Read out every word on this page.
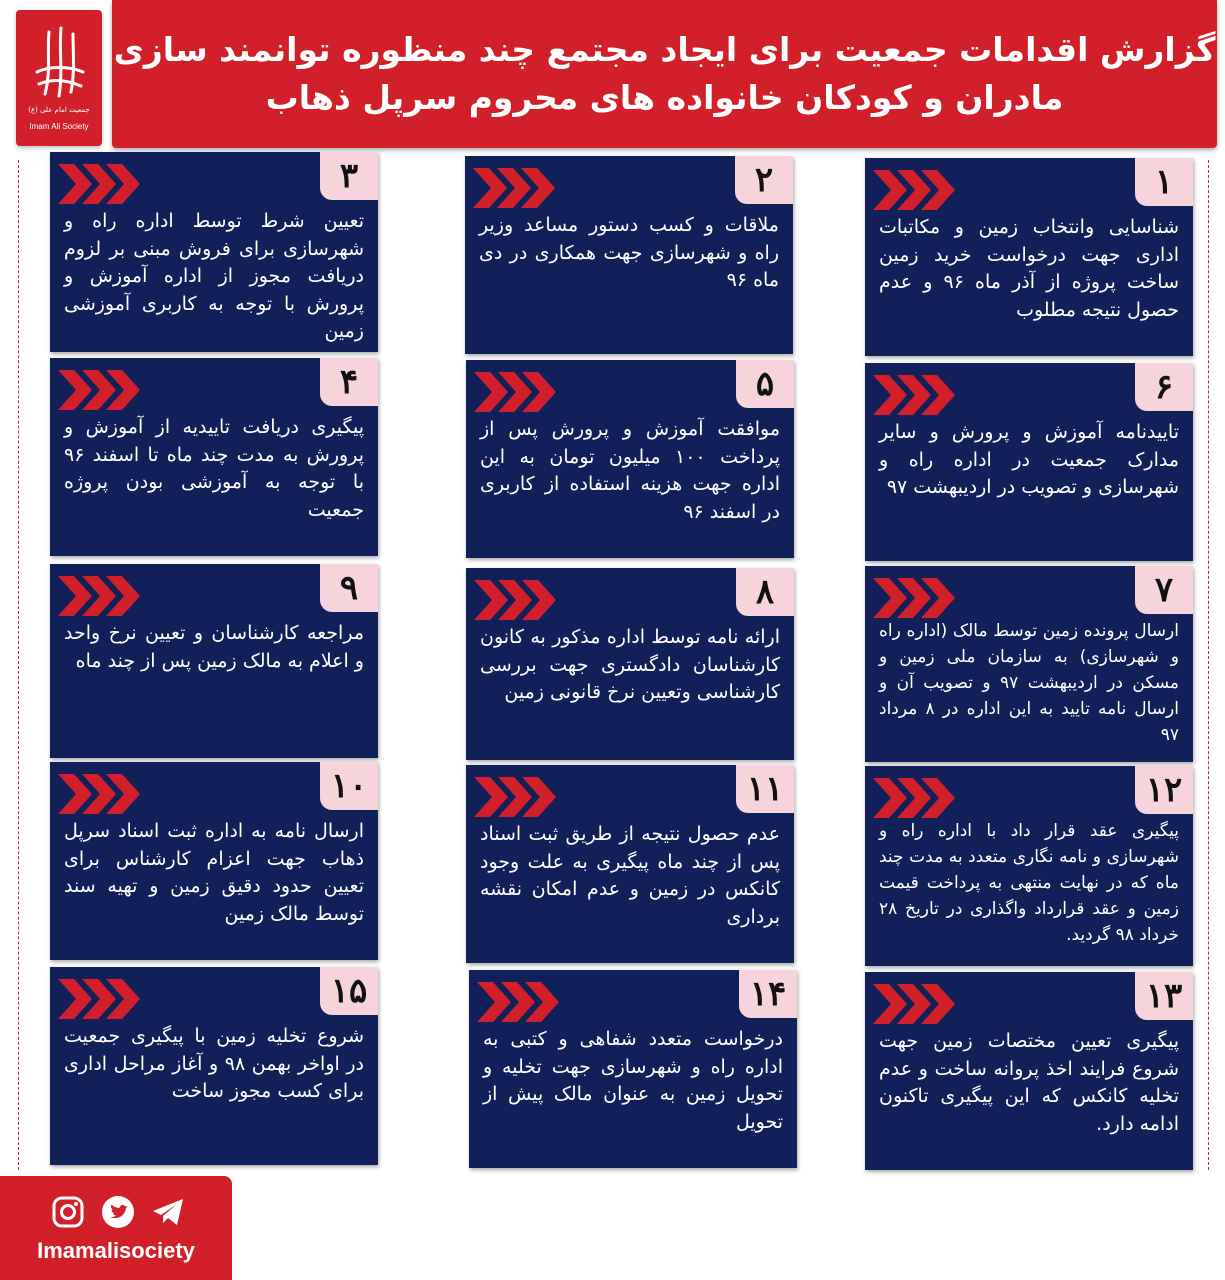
جمعیت امام علی (ع)
Imam Ali Society
گزارش اقدامات جمعیت برای ایجاد مجتمع چند منظوره توانمند سازی
مادران و کودکان خانواده های محروم سرپل ذهاب
۱
شناسایی وانتخاب زمین و مکاتبات اداری جهت درخواست خرید زمین ساخت پروژه از آذر ماه ۹۶ و عدم حصول نتیجه مطلوب
۲
ملاقات و کسب دستور مساعد وزیر راه و شهرسازی جهت همکاری در دی ماه ۹۶
۳
تعیین شرط توسط اداره راه و شهرسازی برای فروش مبنی بر لزوم دریافت مجوز از اداره آموزش و پرورش با توجه به کاربری آموزشی زمین
۴
پیگیری دریافت تاییدیه از آموزش و پرورش به مدت چند ماه تا اسفند ۹۶ با توجه به آموزشی بودن پروژه جمعیت
۵
موافقت آموزش و پرورش پس از پرداخت ۱۰۰ میلیون تومان به این اداره جهت هزینه استفاده از کاربری در اسفند ۹۶
۶
تاییدنامه آموزش و پرورش و سایر مدارک جمعیت در اداره راه و شهرسازی و تصویب در اردیبهشت ۹۷
۷
ارسال پرونده زمین توسط مالک (اداره راه و شهرسازی) به سازمان ملی زمین و مسکن در اردیبهشت ۹۷ و تصویب آن و ارسال نامه تایید به این اداره در ۸ مرداد ۹۷
۸
ارائه نامه توسط اداره مذکور به کانون کارشناسان دادگستری جهت بررسی کارشناسی وتعیین نرخ قانونی زمین
۹
مراجعه کارشناسان و تعیین نرخ واحد و اعلام به مالک زمین پس از چند ماه
۱۰
ارسال نامه به اداره ثبت اسناد سرپل ذهاب جهت اعزام کارشناس برای تعیین حدود دقیق زمین و تهیه سند توسط مالک زمین
۱۱
عدم حصول نتیجه از طریق ثبت اسناد پس از چند ماه پیگیری به علت وجود کانکس در زمین و عدم امکان نقشه برداری
۱۲
پیگیری عقد قرار داد با اداره راه و شهرسازی و نامه نگاری متعدد به مدت چند ماه که در نهایت منتهی به پرداخت قیمت زمین و عقد قرارداد واگذاری در تاریخ ۲۸ خرداد ۹۸ گردید.
۱۳
پیگیری تعیین مختصات زمین جهت شروع فرایند اخذ پروانه ساخت و عدم تخلیه کانکس که این پیگیری تاکنون ادامه دارد.
۱۴
درخواست متعدد شفاهی و کتبی به اداره راه و شهرسازی جهت تخلیه و تحویل زمین به عنوان مالک پیش از تحویل
۱۵
شروع تخلیه زمین با پیگیری جمعیت در اواخر بهمن ۹۸ و آغاز مراحل اداری برای کسب مجوز ساخت
Imamalisociety
